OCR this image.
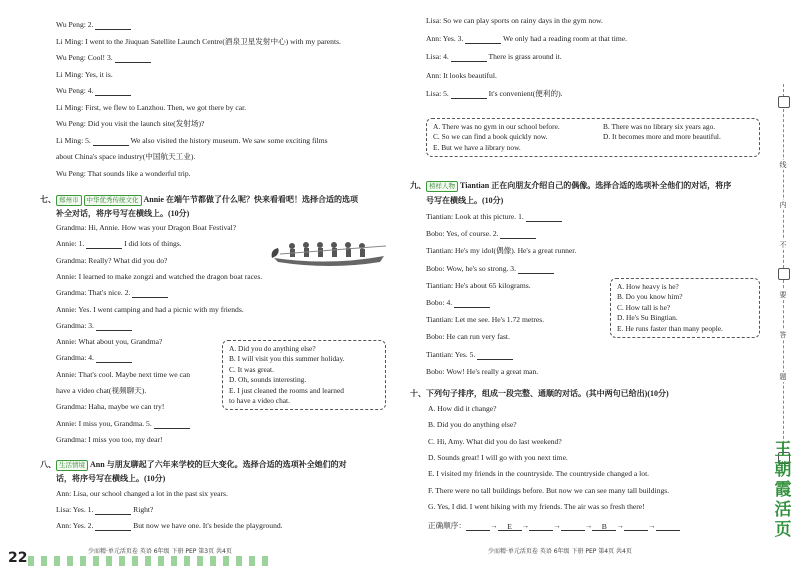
Wu Peng: 2.
Li Ming: I went to the Jiuquan Satellite Launch Centre(酒泉卫星发射中心) with my parents.
Wu Peng: Cool! 3.
Li Ming: Yes, it is.
Wu Peng: 4.
Li Ming: First, we flew to Lanzhou. Then, we got there by car.
Wu Peng: Did you visit the launch site(发射场)?
Li Ming: 5.	We also visited the history museum. We saw some exciting films
about China's space industry(中国航天工业).
Wu Peng: That sounds like a wonderful trip.
七、 郑州市 中华优秀传统文化 Annie 在端午节都做了什么呢？快来看看吧！选择合适的选项
补全对话，将序号写在横线上。(10分)
Grandma: Hi, Annie. How was your Dragon Boat Festival?
Annie: 1.	I did lots of things.
Grandma: Really? What did you do?
Annie: I learned to make zongzi and watched the dragon boat races.
Grandma: That's nice. 2.
Annie: Yes. I went camping and had a picnic with my friends.
Grandma: 3.
Annie: What about you, Grandma?
Grandma: 4.
Annie: That's cool. Maybe next time we can
have a video chat(视频聊天).
Grandma: Haha, maybe we can try!
Annie: I miss you, Grandma. 5.
Grandma: I miss you too, my dear!
A. Did you do anything else?
B. I will visit you this summer holiday.
C. It was great.
D. Oh, sounds interesting.
E. I just cleaned the rooms and learned
to have a video chat.
八、 生活情境 Ann 与朋友聊起了六年来学校的巨大变化。选择合适的选项补全她们的对
话，将序号写在横线上。(10分)
Ann: Lisa, our school changed a lot in the past six years.
Lisa: Yes. 1.	Right?
Ann: Yes. 2.	But now we have one. It's beside the playground.
22	少而精·单元活页卷 英语 6年级 下册 PEP 第3页 共4页
Lisa: So we can play sports on rainy days in the gym now.
Ann: Yes. 3.	We only had a reading room at that time.
Lisa: 4.	There is grass around it.
Ann: It looks beautiful.
Lisa: 5.	It's convenient(便利的).
A. There was no gym in our school before.	B. There was no library six years ago.
C. So we can find a book quickly now.	D. It becomes more and more beautiful.
E. But we have a library now.
九、 榜样人物 Tiantian 正在向朋友介绍自己的偶像。选择合适的选项补全他们的对话，将序
号写在横线上。(10分)
Tiantian: Look at this picture. 1.
Bobo: Yes, of course. 2.
Tiantian: He's my idol(偶像). He's a great runner.
Bobo: Wow, he's so strong. 3.
Tiantian: He's about 65 kilograms.
Bobo: 4.
Tiantian: Let me see. He's 1.72 metres.
Bobo: He can run very fast.
Tiantian: Yes. 5.
Bobo: Wow! He's really a great man.
A. How heavy is he?
B. Do you know him?
C. How tall is he?
D. He's Su Bingtian.
E. He runs faster than many people.
十、下列句子排序，组成一段完整、通顺的对话。(其中两句已给出)(10分)
A. How did it change?
B. Did you do anything else?
C. Hi, Amy. What did you do last weekend?
D. Sounds great! I will go with you next time.
E. I visited my friends in the countryside. The countryside changed a lot.
F. There were no tall buildings before. But now we can see many tall buildings.
G. Yes, I did. I went hiking with my friends. The air was so fresh there!
正确顺序：	→ E →	→	→ B →	→
少而精·单元活页卷 英语 6年级 下册 PEP 第4页 共4页
线
内
不
要
答
题
王朝霞活页
